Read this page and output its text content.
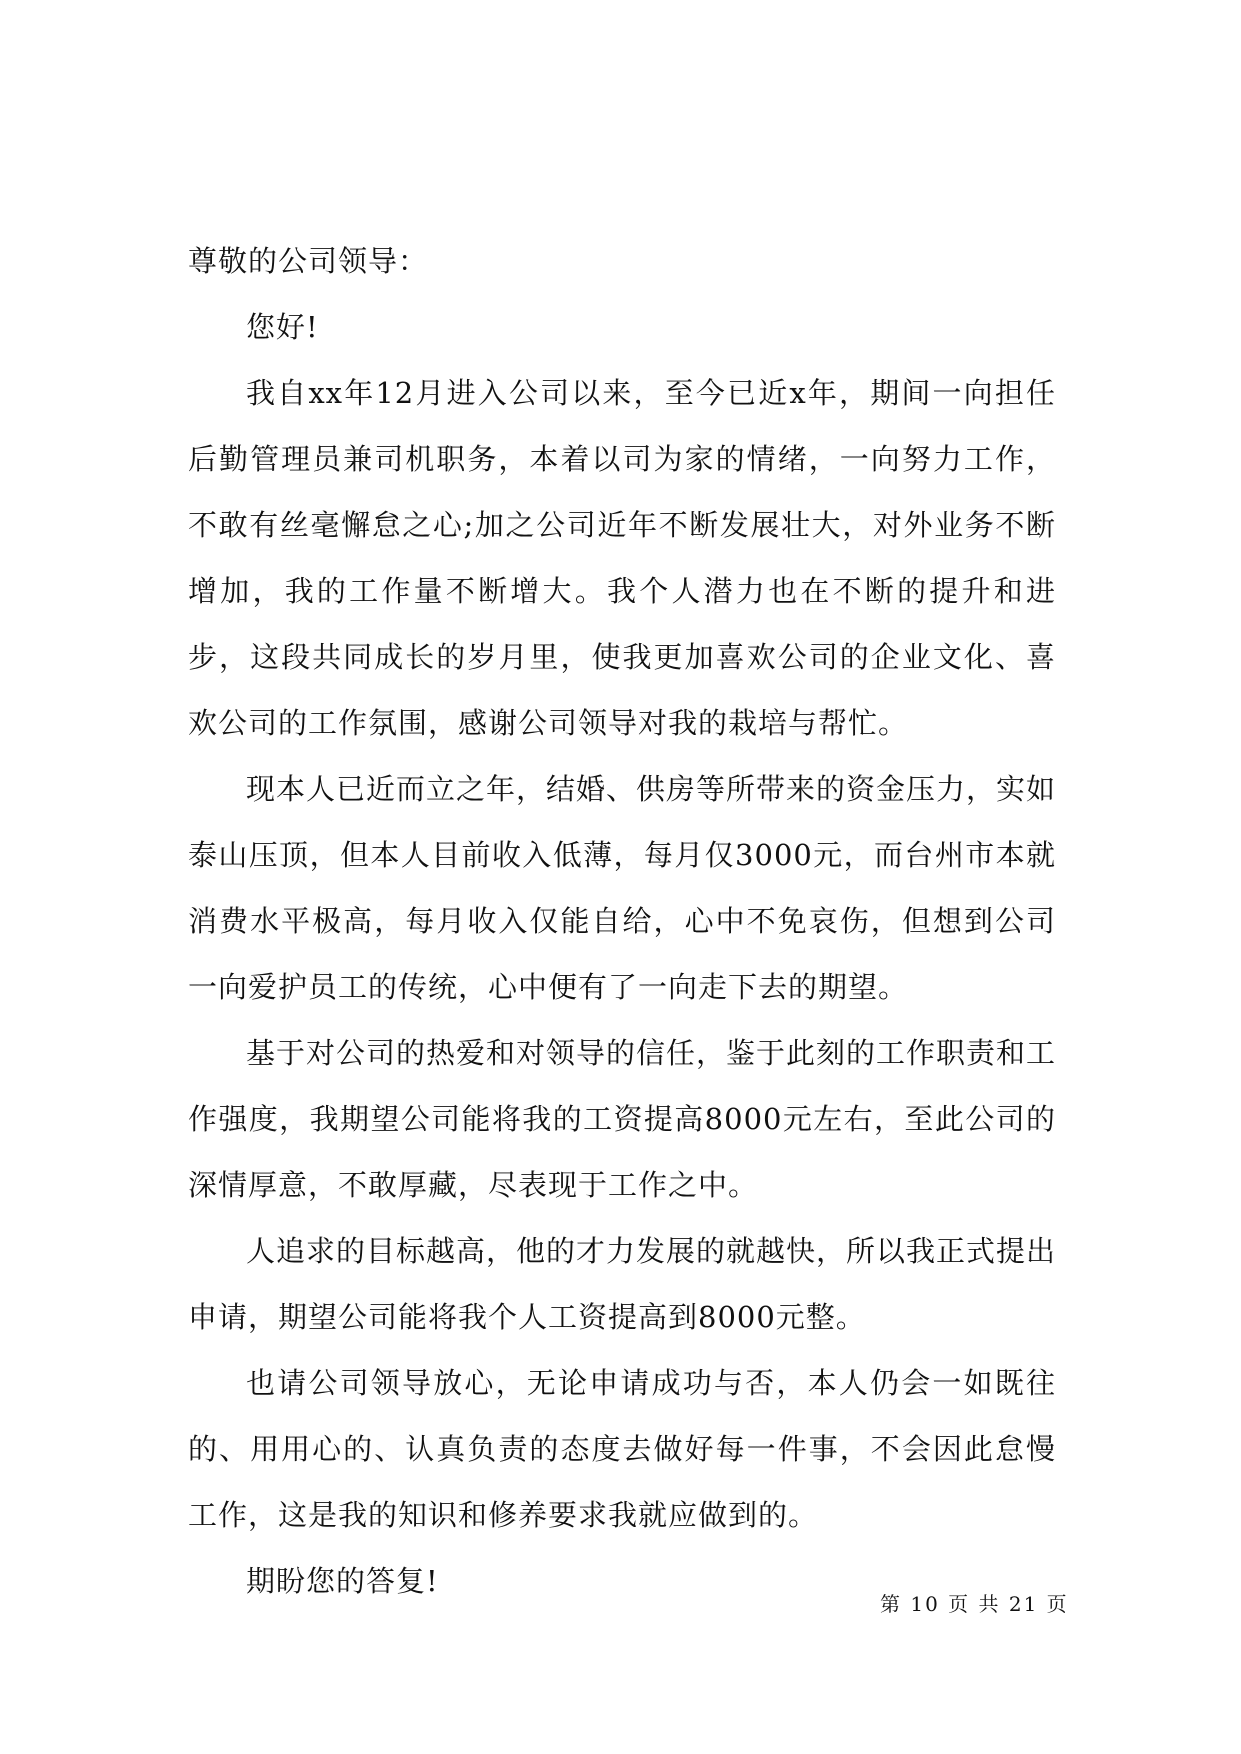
尊敬的公司领导：

您好!

我自xx年12月进入公司以来，至今已近x年，期间一向担任后勤管理员兼司机职务，本着以司为家的情绪，一向努力工作，不敢有丝毫懈怠之心;加之公司近年不断发展壮大，对外业务不断增加，我的工作量不断增大。我个人潜力也在不断的提升和进步，这段共同成长的岁月里，使我更加喜欢公司的企业文化、喜欢公司的工作氛围，感谢公司领导对我的栽培与帮忙。

现本人已近而立之年，结婚、供房等所带来的资金压力，实如泰山压顶，但本人目前收入低薄，每月仅3000元，而台州市本就消费水平极高，每月收入仅能自给，心中不免哀伤，但想到公司一向爱护员工的传统，心中便有了一向走下去的期望。

基于对公司的热爱和对领导的信任，鉴于此刻的工作职责和工作强度，我期望公司能将我的工资提高8000元左右，至此公司的深情厚意，不敢厚藏，尽表现于工作之中。

人追求的目标越高，他的才力发展的就越快，所以我正式提出申请，期望公司能将我个人工资提高到8000元整。

也请公司领导放心，无论申请成功与否，本人仍会一如既往的、用用心的、认真负责的态度去做好每一件事，不会因此怠慢工作，这是我的知识和修养要求我就应做到的。

期盼您的答复!

第 10 页 共 21 页
